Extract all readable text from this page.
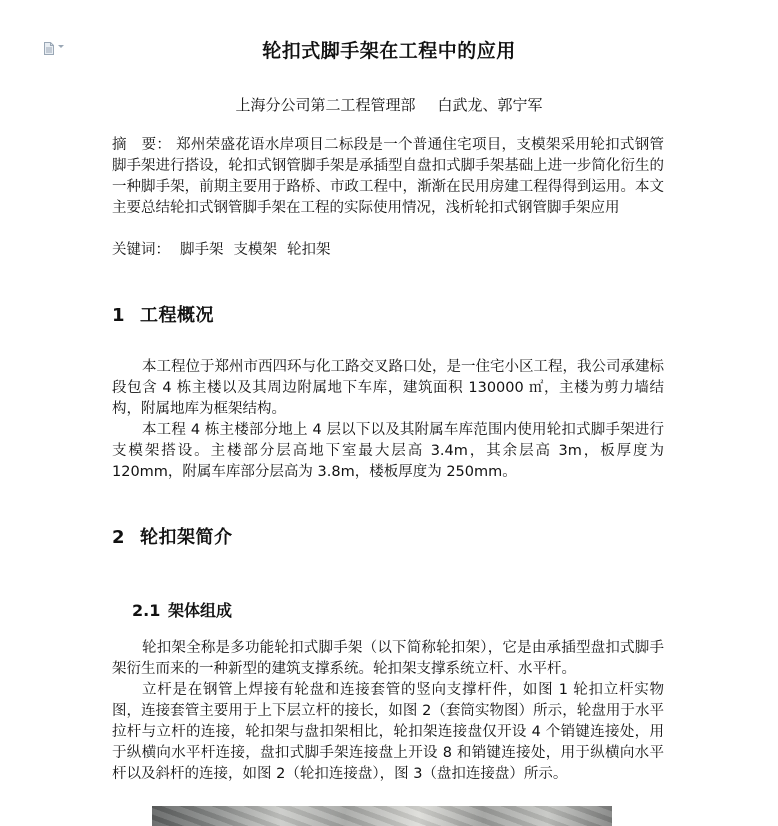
轮扣式脚手架在工程中的应用
上海分公司第二工程管理部 白武龙、郭宁军
摘　要： 郑州荣盛花语水岸项目二标段是一个普通住宅项目，支模架采用轮扣式钢管脚手架进行搭设，轮扣式钢管脚手架是承插型自盘扣式脚手架基础上进一步简化衍生的一种脚手架，前期主要用于路桥、市政工程中，渐渐在民用房建工程得得到运用。本文主要总结轮扣式钢管脚手架在工程的实际使用情况，浅析轮扣式钢管脚手架应用
关键词： 脚手架 支模架 轮扣架
1 工程概况

本工程位于郑州市西四环与化工路交叉路口处，是一住宅小区工程，我公司承建标段包含 4 栋主楼以及其周边附属地下车库，建筑面积 130000 ㎡，主楼为剪力墙结构，附属地库为框架结构。

本工程 4 栋主楼部分地上 4 层以下以及其附属车库范围内使用轮扣式脚手架进行支模架搭设。主楼部分层高地下室最大层高 3.4m，其余层高 3m，板厚度为 120mm，附属车库部分层高为 3.8m，楼板厚度为 250mm。

2 轮扣架简介
2.1 架体组成

轮扣架全称是多功能轮扣式脚手架（以下简称轮扣架），它是由承插型盘扣式脚手架衍生而来的一种新型的建筑支撑系统。轮扣架支撑系统立杆、水平杆。

立杆是在钢管上焊接有轮盘和连接套管的竖向支撑杆件，如图 1 轮扣立杆实物图，连接套管主要用于上下层立杆的接长，如图 2（套筒实物图）所示，轮盘用于水平拉杆与立杆的连接，轮扣架与盘扣架相比，轮扣架连接盘仅开设 4 个销键连接处，用于纵横向水平杆连接，盘扣式脚手架连接盘上开设 8 和销键连接处，用于纵横向水平杆以及斜杆的连接，如图 2（轮扣连接盘），图 3（盘扣连接盘）所示。
